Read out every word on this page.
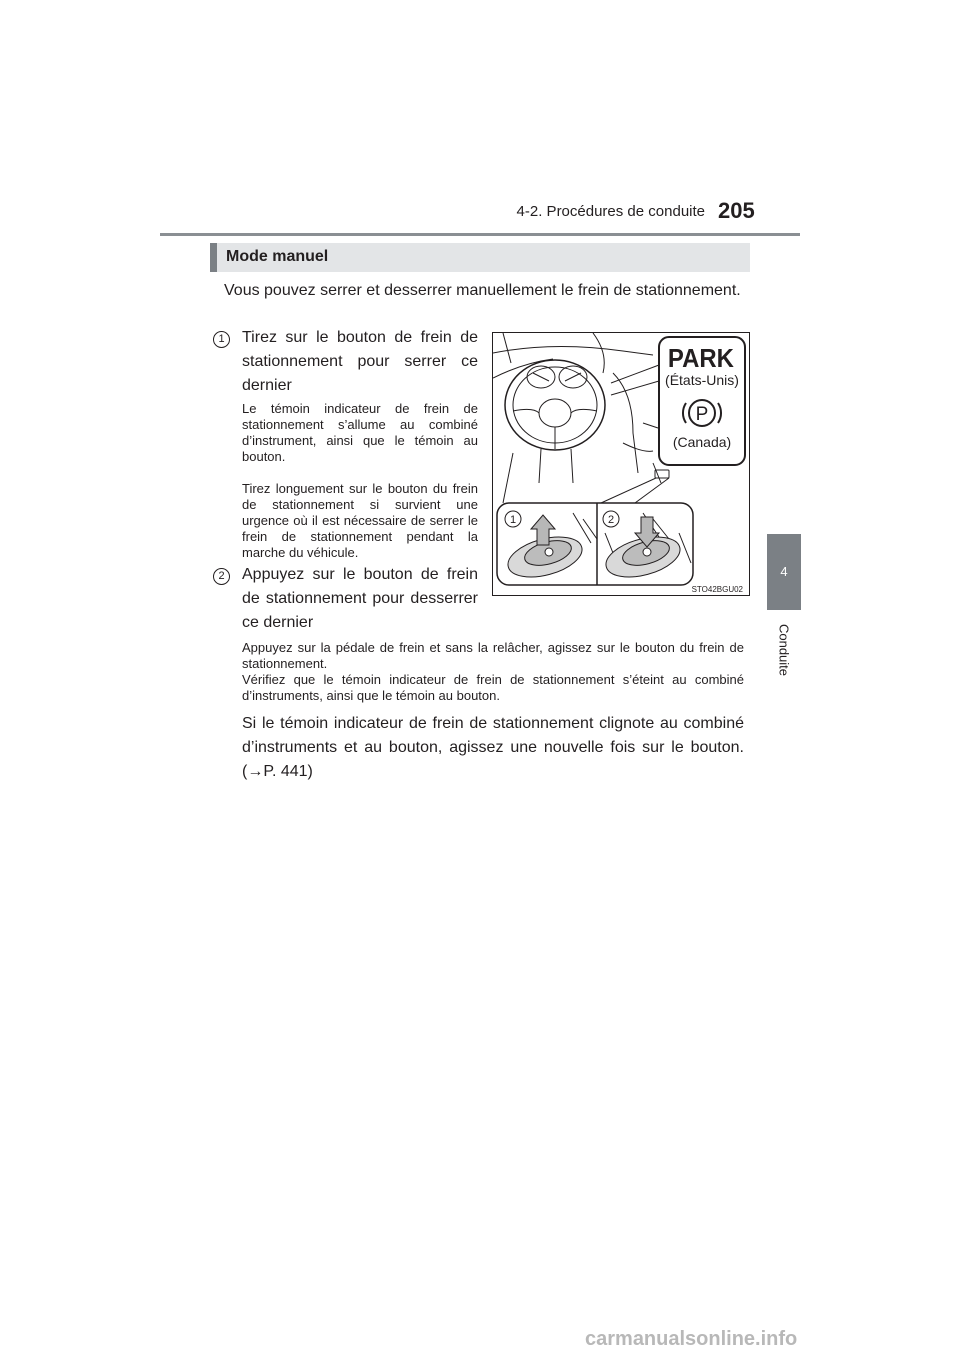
4-2. Procédures de conduite 205
4
Conduite
Mode manuel
Vous pouvez serrer et desserrer manuellement le frein de stationnement.
1	Tirez sur le bouton de frein de stationnement pour serrer ce dernier
Le témoin indicateur de frein de stationnement s’allume au combiné d’instrument, ainsi que le témoin au bouton.
Tirez longuement sur le bouton du frein de stationnement si survient une urgence où il est nécessaire de serrer le frein de stationnement pendant la marche du véhicule.
2	Appuyez sur le bouton de frein de stationnement pour desserrer ce dernier
PARK
(États-Unis)
P
(Canada)
1	2
STO42BGU02
Appuyez sur la pédale de frein et sans la relâcher, agissez sur le bouton du frein de stationnement.
Vérifiez que le témoin indicateur de frein de stationnement s’éteint au combiné d’instruments, ainsi que le témoin au bouton.
Si le témoin indicateur de frein de stationnement clignote au combiné d’instruments et au bouton, agissez une nouvelle fois sur le bouton. (→P. 441)
carmanualsonline.info
